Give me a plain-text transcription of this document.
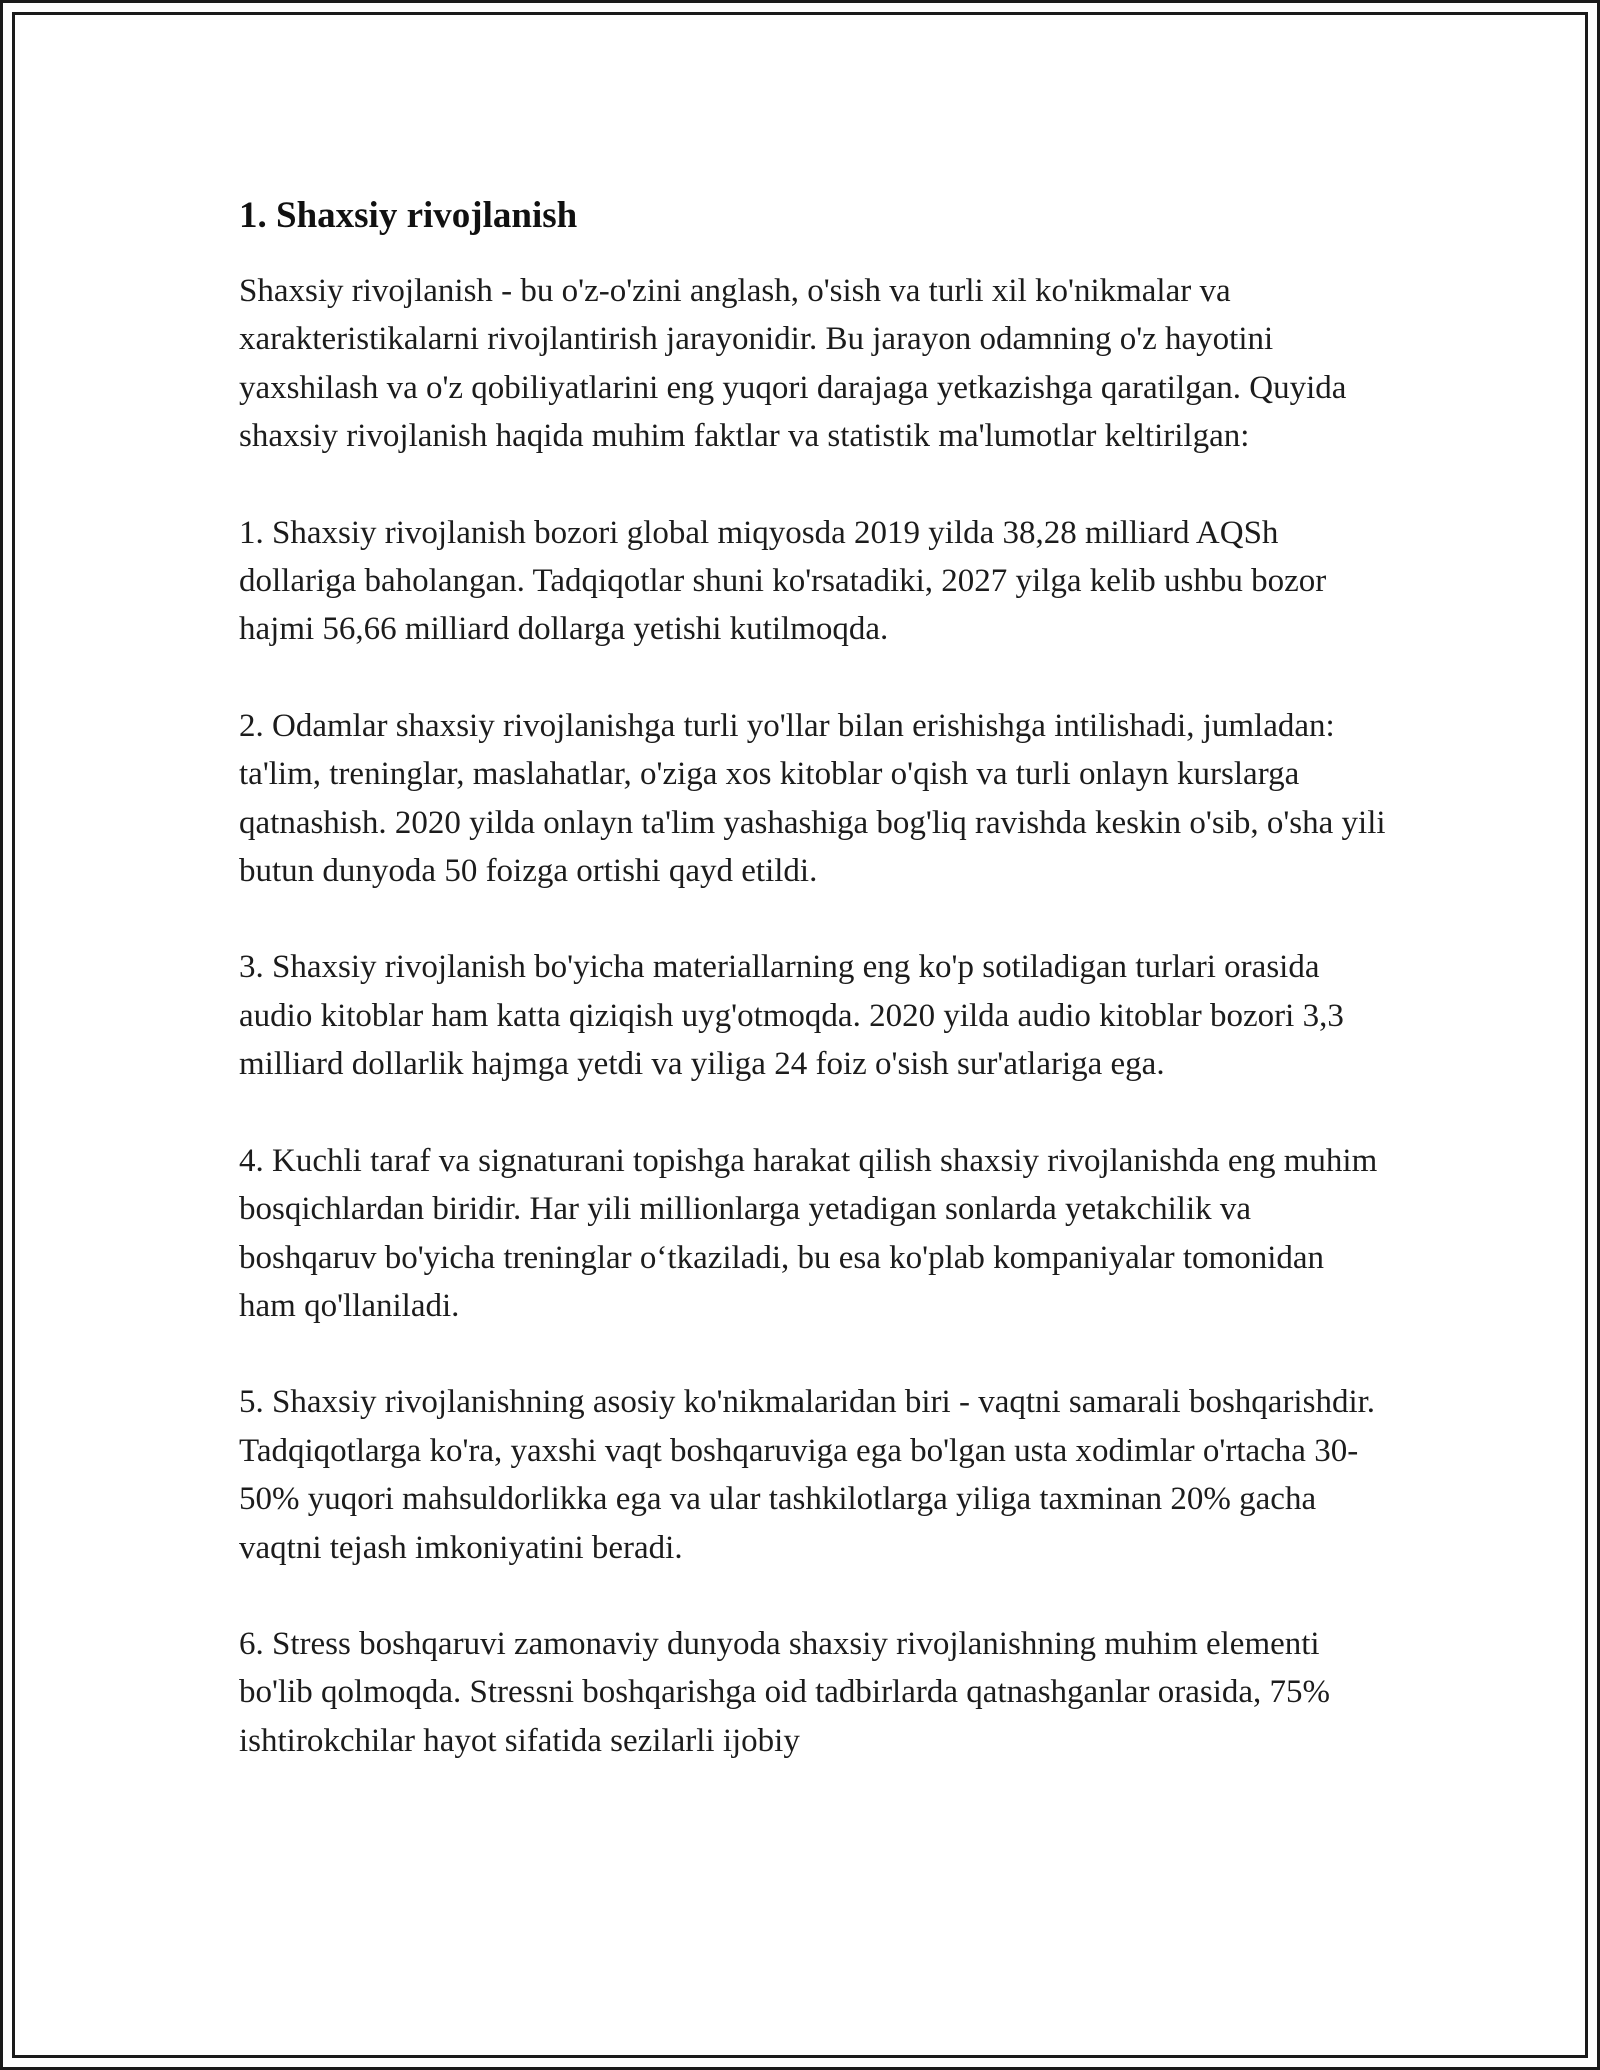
1. Shaxsiy rivojlanish

Shaxsiy rivojlanish - bu o'z-o'zini anglash, o'sish va turli xil ko'nikmalar va xarakteristikalarni rivojlantirish jarayonidir. Bu jarayon odamning o'z hayotini yaxshilash va o'z qobiliyatlarini eng yuqori darajaga yetkazishga qaratilgan. Quyida shaxsiy rivojlanish haqida muhim faktlar va statistik ma'lumotlar keltirilgan:

1. Shaxsiy rivojlanish bozori global miqyosda 2019 yilda 38,28 milliard AQSh dollariga baholangan. Tadqiqotlar shuni ko'rsatadiki, 2027 yilga kelib ushbu bozor hajmi 56,66 milliard dollarga yetishi kutilmoqda.

2. Odamlar shaxsiy rivojlanishga turli yo'llar bilan erishishga intilishadi, jumladan: ta'lim, treninglar, maslahatlar, o'ziga xos kitoblar o'qish va turli onlayn kurslarga qatnashish. 2020 yilda onlayn ta'lim yashashiga bog'liq ravishda keskin o'sib, o'sha yili butun dunyoda 50 foizga ortishi qayd etildi.

3. Shaxsiy rivojlanish bo'yicha materiallarning eng ko'p sotiladigan turlari orasida audio kitoblar ham katta qiziqish uyg'otmoqda. 2020 yilda audio kitoblar bozori 3,3 milliard dollarlik hajmga yetdi va yiliga 24 foiz o'sish sur'atlariga ega.

4. Kuchli taraf va signaturani topishga harakat qilish shaxsiy rivojlanishda eng muhim bosqichlardan biridir. Har yili millionlarga yetadigan sonlarda yetakchilik va boshqaruv bo'yicha treninglar o‘tkaziladi, bu esa ko'plab kompaniyalar tomonidan ham qo'llaniladi.

5. Shaxsiy rivojlanishning asosiy ko'nikmalaridan biri - vaqtni samarali boshqarishdir. Tadqiqotlarga ko'ra, yaxshi vaqt boshqaruviga ega bo'lgan usta xodimlar o'rtacha 30-50% yuqori mahsuldorlikka ega va ular tashkilotlarga yiliga taxminan 20% gacha vaqtni tejash imkoniyatini beradi.

6. Stress boshqaruvi zamonaviy dunyoda shaxsiy rivojlanishning muhim elementi bo'lib qolmoqda. Stressni boshqarishga oid tadbirlarda qatnashganlar orasida, 75% ishtirokchilar hayot sifatida sezilarli ijobiy
